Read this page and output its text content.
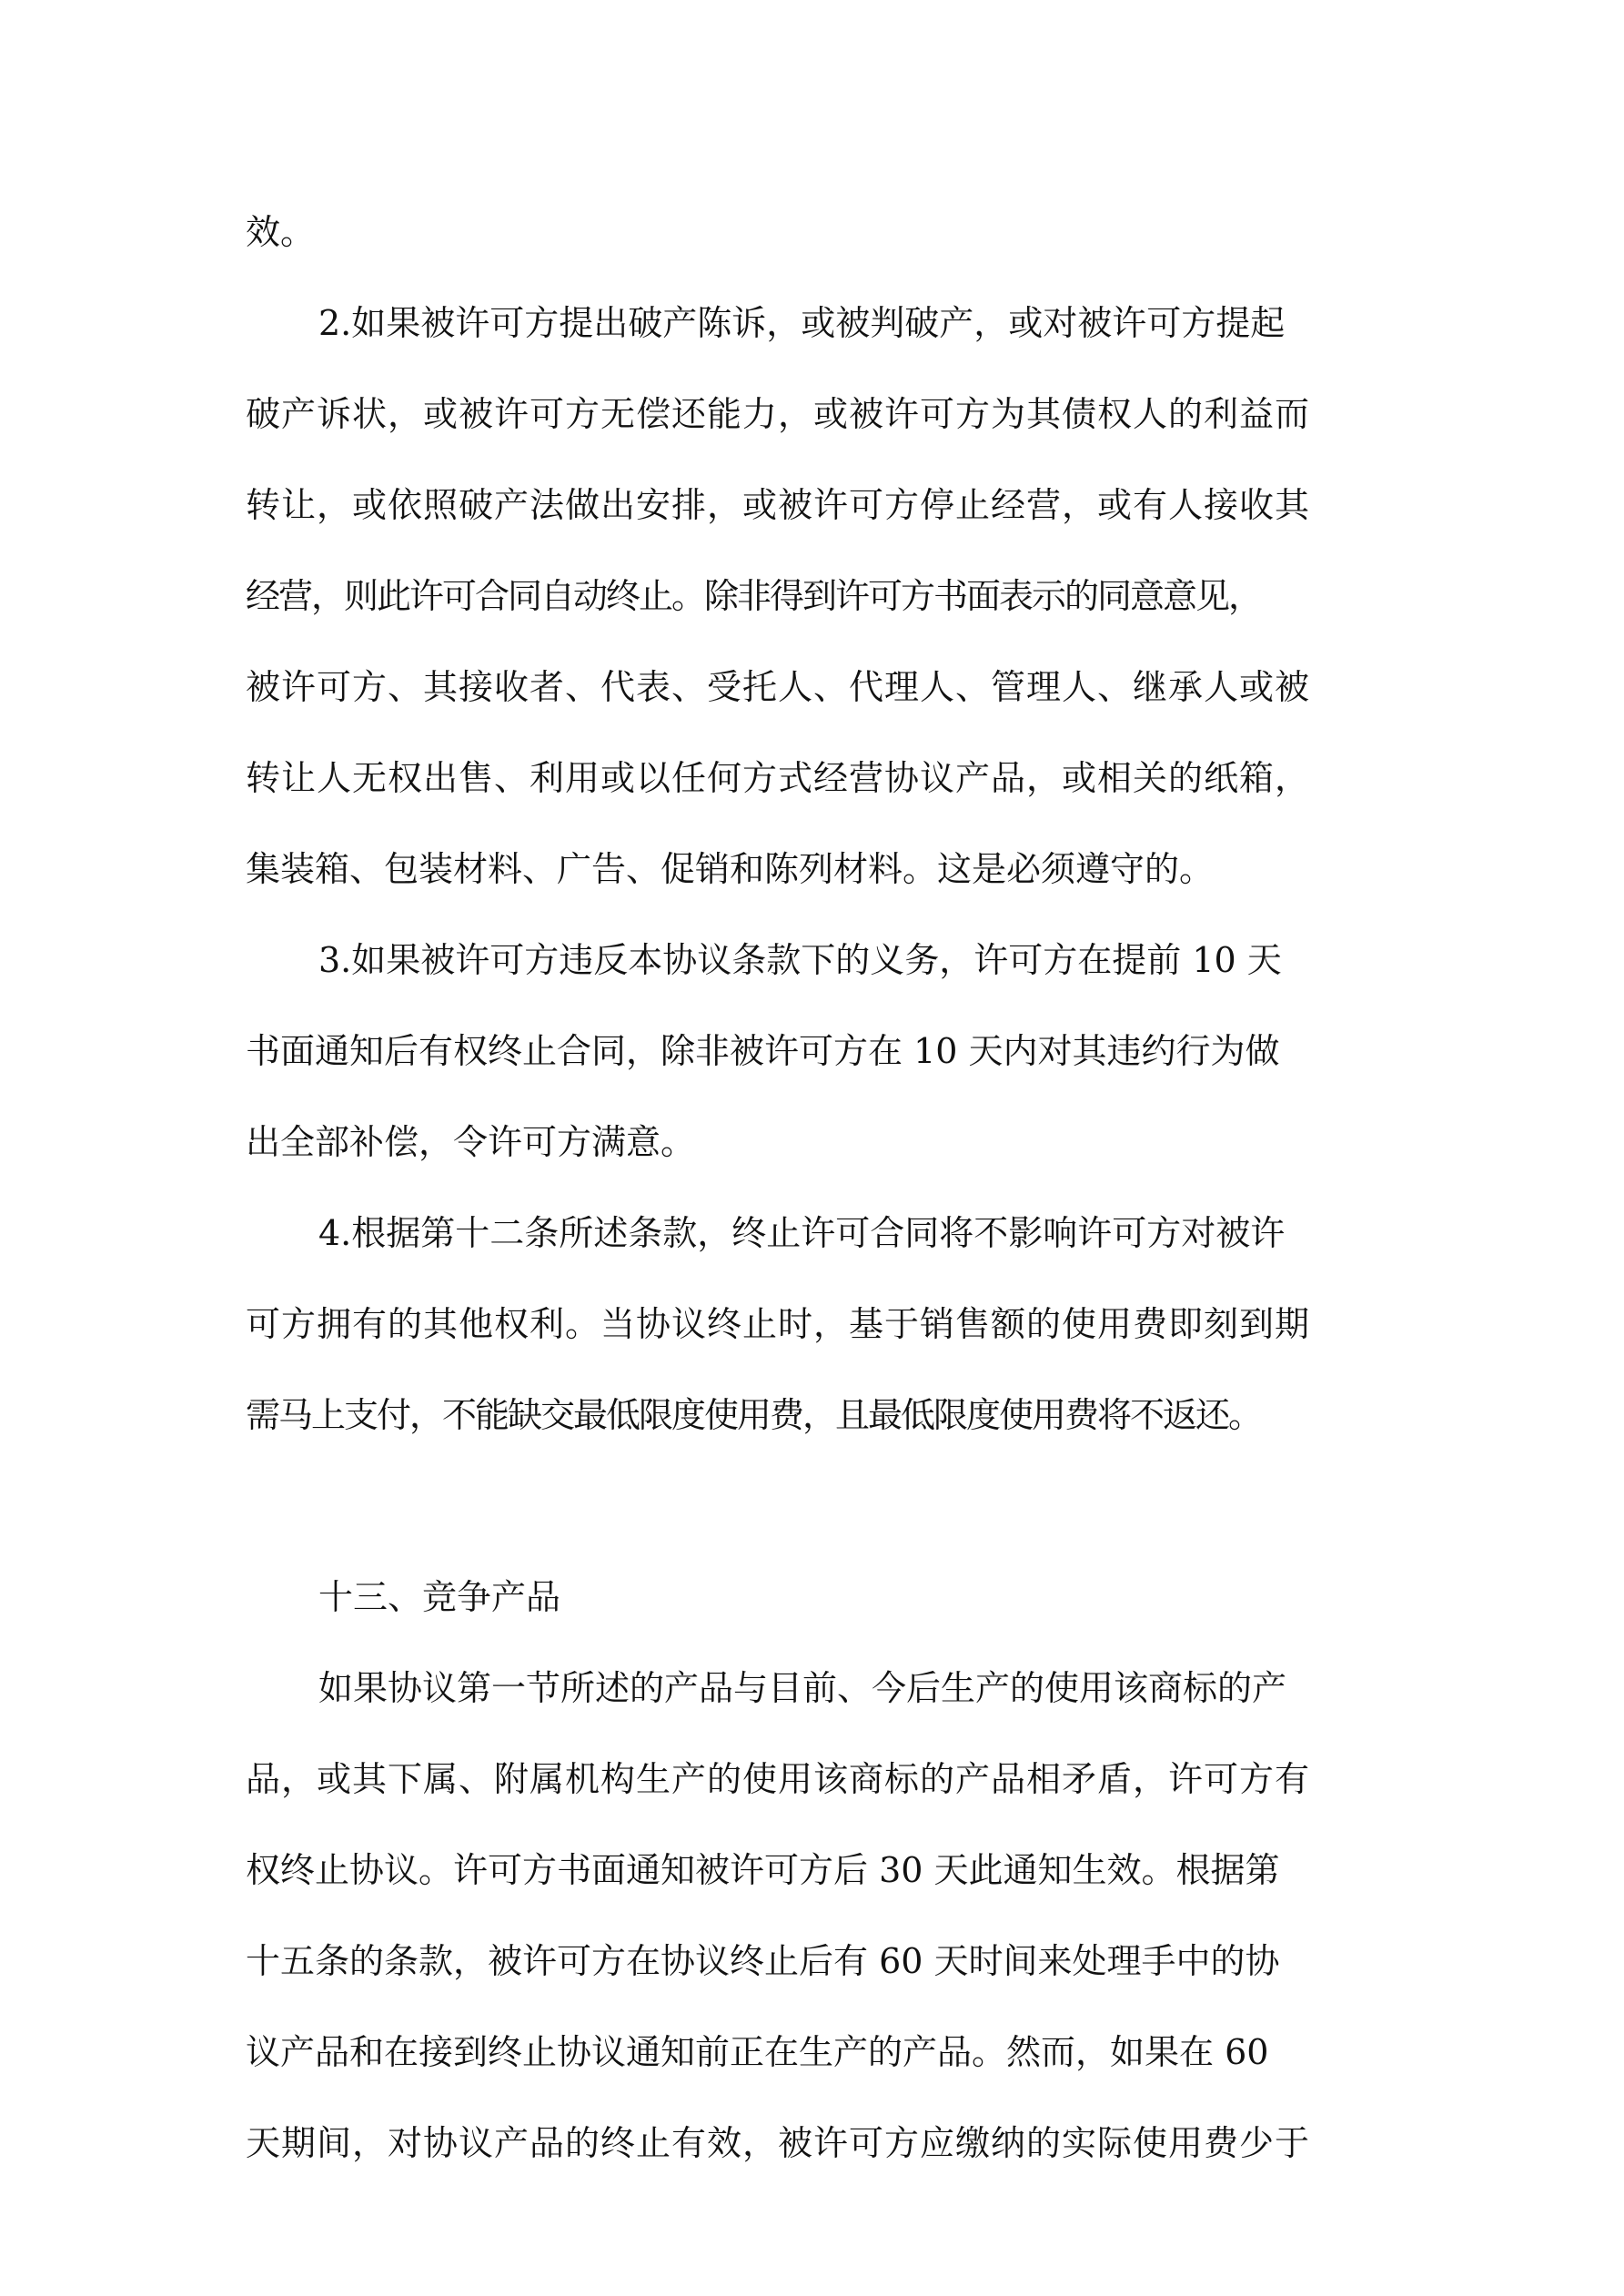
效。
2.如果被许可方提出破产陈诉，或被判破产，或对被许可方提起
破产诉状，或被许可方无偿还能力，或被许可方为其债权人的利益而
转让，或依照破产法做出安排，或被许可方停止经营，或有人接收其
经营，则此许可合同自动终止。除非得到许可方书面表示的同意意见，
被许可方、其接收者、代表、受托人、代理人、管理人、继承人或被
转让人无权出售、利用或以任何方式经营协议产品，或相关的纸箱，
集装箱、包装材料、广告、促销和陈列材料。这是必须遵守的。
3.如果被许可方违反本协议条款下的义务，许可方在提前 10 天
书面通知后有权终止合同，除非被许可方在 10 天内对其违约行为做
出全部补偿，令许可方满意。
4.根据第十二条所述条款，终止许可合同将不影响许可方对被许
可方拥有的其他权利。当协议终止时，基于销售额的使用费即刻到期
需马上支付，不能缺交最低限度使用费，且最低限度使用费将不返还。
十三、竞争产品
如果协议第一节所述的产品与目前、今后生产的使用该商标的产
品，或其下属、附属机构生产的使用该商标的产品相矛盾，许可方有
权终止协议。许可方书面通知被许可方后 30 天此通知生效。根据第
十五条的条款，被许可方在协议终止后有 60 天时间来处理手中的协
议产品和在接到终止协议通知前正在生产的产品。然而，如果在 60
天期间，对协议产品的终止有效，被许可方应缴纳的实际使用费少于
